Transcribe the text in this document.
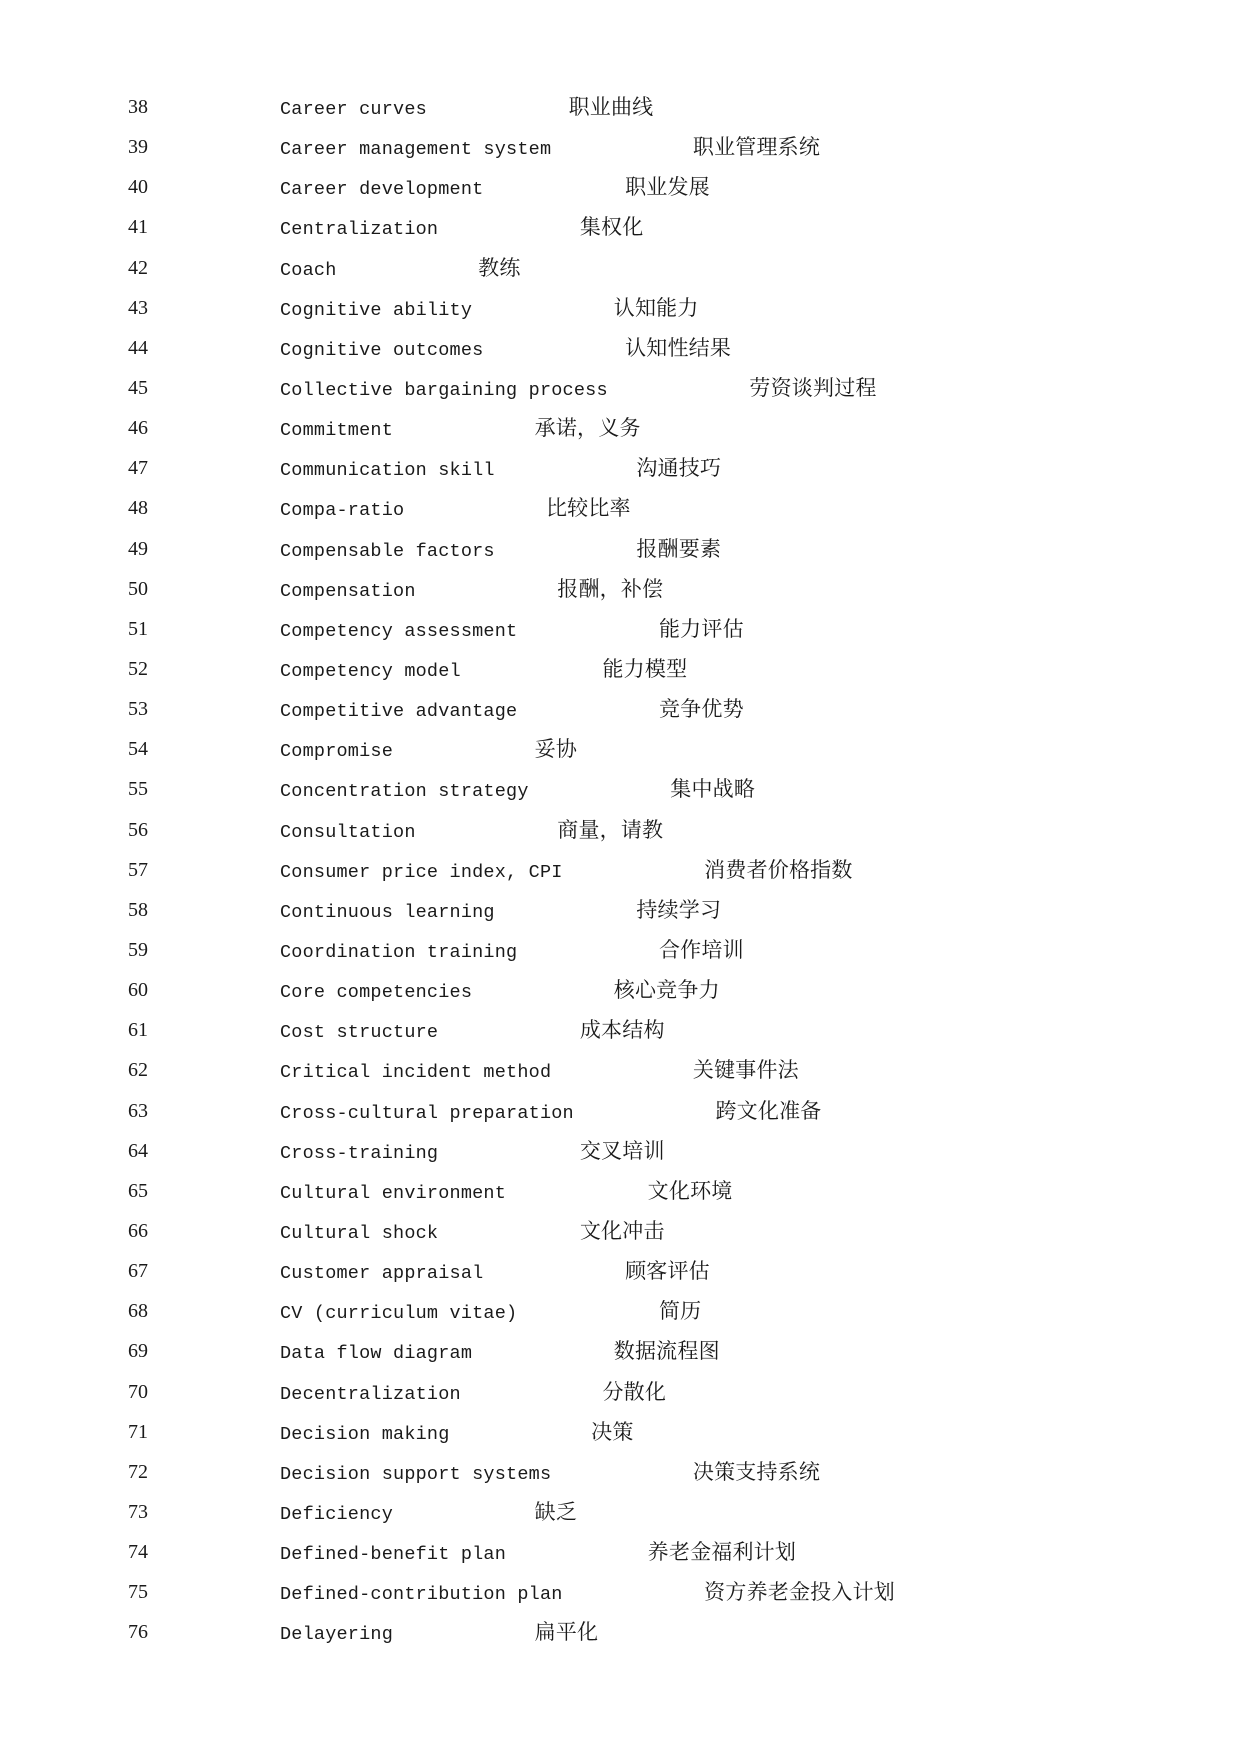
38	Career curves	职业曲线
39	Career management system	职业管理系统
40	Career development	职业发展
41	Centralization	集权化
42	Coach	教练
43	Cognitive ability	认知能力
44	Cognitive outcomes	认知性结果
45	Collective bargaining process	劳资谈判过程
46	Commitment	承诺，义务
47	Communication skill	沟通技巧
48	Compa-ratio	比较比率
49	Compensable factors	报酬要素
50	Compensation	报酬，补偿
51	Competency assessment	能力评估
52	Competency model	能力模型
53	Competitive advantage	竞争优势
54	Compromise	妥协
55	Concentration strategy	集中战略
56	Consultation	商量，请教
57	Consumer price index, CPI	消费者价格指数
58	Continuous learning	持续学习
59	Coordination training	合作培训
60	Core competencies	核心竞争力
61	Cost structure	成本结构
62	Critical incident method	关键事件法
63	Cross-cultural preparation	跨文化准备
64	Cross-training	交叉培训
65	Cultural environment	文化环境
66	Cultural shock	文化冲击
67	Customer appraisal	顾客评估
68	CV (curriculum vitae)	简历
69	Data flow diagram	数据流程图
70	Decentralization	分散化
71	Decision making	决策
72	Decision support systems	决策支持系统
73	Deficiency	缺乏
74	Defined-benefit plan	养老金福利计划
75	Defined-contribution plan	资方养老金投入计划
76	Delayering	扁平化
